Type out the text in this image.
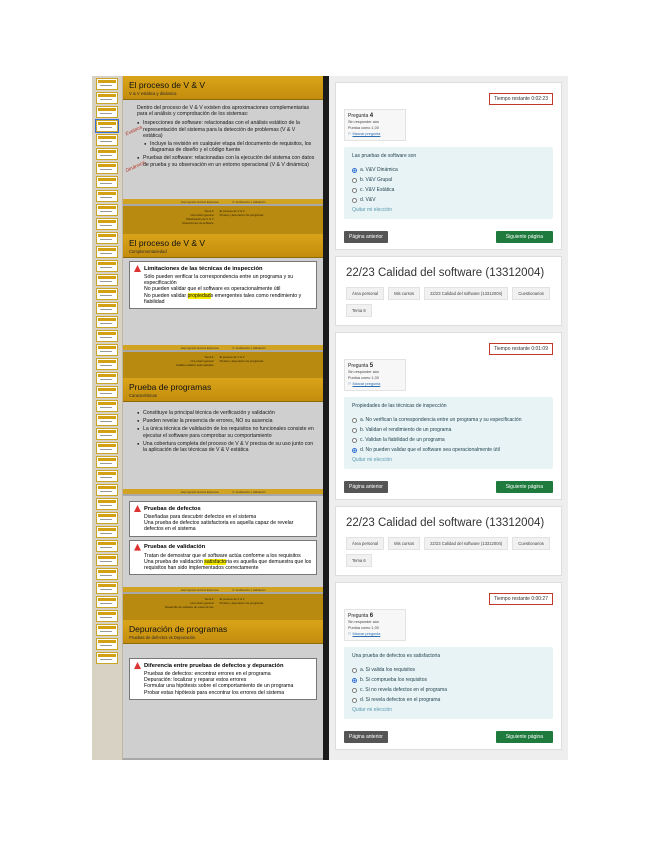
El proceso de V & V
V & V estática y dinámica

Dentro del proceso de V & V existen dos aproximaciones complementarias para el análisis y comprobación de los sistemas:

● Inspecciones de software: relacionadas con el análisis estático de la representación del sistema para la detección de problemas (V & V estática)
● Incluye la revisión en cualquier etapa del documento de requisitos, los diagramas de diseño y el código fuente
● Pruebas del software: relacionadas con la ejecución del sistema con datos de prueba y su observación en un entorno operacional (V & V dinámica)
Estática
Dinámica
Juan Ignacio Gómez Espinosa	6. Verificación y Validación
Tema 6
Una visión general
Planificación de V & V
Inspecciones de software
El proceso de V & V
Prueba y depuración de programas
El proceso de V & V
Complementariedad
Limitaciones de las técnicas de inspección
Sólo pueden verificar la correspondencia entre un programa y su especificación
No pueden validar que el software es operacionalmente útil
No pueden validar propiedads emergentes tales como rendimiento y fiabilidad
Juan Ignacio Gómez Espinosa	6. Verificación y Validación
Tema 6
Una visión general
Análisis estático automatizado
El proceso de V & V
Prueba y depuración de programas
Prueba de programas
Características
● Constituye la principal técnica de verificación y validación
● Pueden revelar la presencia de errores, NO su ausencia
● La única técnica de validación de los requisitos no funcionales consiste en ejecutar el software para comprobar su comportamiento
● Una cobertura completa del proceso de V & V precisa de su uso junto con la aplicación de las técnicas de V & V estática
Juan Ignacio Gómez Espinosa	6. Verificación y Validación
Pruebas de defectos
Diseñadas para descubrir defectos en el sistema
Una prueba de defectos satisfactoria es aquella capaz de revelar defectos en el sistema
Pruebas de validación
Tratan de demostrar que el software actúa conforme a los requisitos
Una prueba de validación satisfactoria es aquella que demuestra que los requisitos han sido implementados correctamente
Juan Ignacio Gómez Espinosa	6. Verificación y Validación
Tema 6
Una visión general
Desarrollo de software de cuarto limpio
El proceso de V & V
Prueba y depuración de programas
Depuración de programas
Pruebas de defectos vs Depuración
Diferencia entre pruebas de defectos y depuración
Pruebas de defectos: encontrar errores en el programa
Depuración: localizar y reparar estos errores
Formular una hipótesis sobre el comportamiento de un programa
Probar estas hipótesis para encontrar los errores del sistema
Tiempo restante 0:02:23
Pregunta 4
Sin responder aún
Puntúa como 1,00
⚐ Marcar pregunta
Las pruebas de software son
a. V&V Dinámica
b. V&V Grupal
c. V&V Estática
d. V&V
Quitar mi elección
Página anterior	Siguiente página
22/23 Calidad del software (13312004)
Área personal	Mis cursos	22/23 Calidad del software (13312004)	Cuestionarios
Tema 6
Tiempo restante 0:01:09
Pregunta 5
Sin responder aún
Puntúa como 1,00
⚐ Marcar pregunta
Propiedades de las técnicas de inspección
a. No verifican la correspondencia entre un programa y su especificación
b. Validan el rendimiento de un programa
c. Validan la fiabilidad de un programa
d. No pueden validar que el software sea operacionalmente útil
Quitar mi elección
Página anterior	Siguiente página
22/23 Calidad del software (13312004)
Área personal	Mis cursos	22/23 Calidad del software (13312004)	Cuestionarios
Tema 6
Tiempo restante 0:00:27
Pregunta 6
Sin responder aún
Puntúa como 1,00
⚐ Marcar pregunta
Una prueba de defectos es satisfactoria
a. Si valida los requisitos
b. Si comprueba los requisitos
c. Si no revela defectos en el programa
d. Si revela defectos en el programa
Quitar mi elección
Página anterior	Siguiente página
